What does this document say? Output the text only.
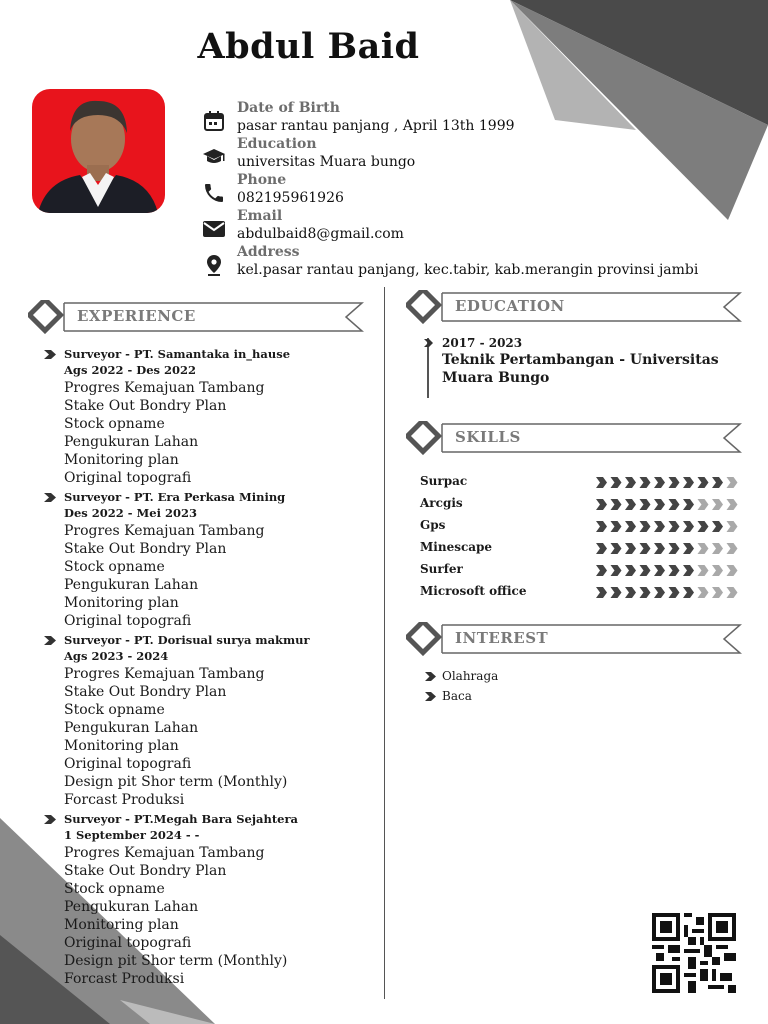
Abdul Baid
Date of Birth
pasar rantau panjang , April 13th 1999
Education
universitas Muara bungo
Phone
082195961926
Email
abdulbaid8@gmail.com
Address
kel.pasar rantau panjang, kec.tabir, kab.merangin provinsi jambi
EXPERIENCE
Surveyor - PT. Samantaka in_hause
Ags 2022 - Des 2022
Progres Kemajuan Tambang
Stake Out Bondry Plan
Stock opname
Pengukuran Lahan
Monitoring plan
Original topografi
Surveyor - PT. Era Perkasa Mining
Des 2022 - Mei 2023
Progres Kemajuan Tambang
Stake Out Bondry Plan
Stock opname
Pengukuran Lahan
Monitoring plan
Original topografi
Surveyor - PT. Dorisual surya makmur
Ags 2023 - 2024
Progres Kemajuan Tambang
Stake Out Bondry Plan
Stock opname
Pengukuran Lahan
Monitoring plan
Original topografi
Design pit Shor term (Monthly)
Forcast Produksi
Surveyor - PT.Megah Bara Sejahtera
1 September 2024 - -
Progres Kemajuan Tambang
Stake Out Bondry Plan
Stock opname
Pengukuran Lahan
Monitoring plan
Original topografi
Design pit Shor term (Monthly)
Forcast Produksi
EDUCATION
2017 - 2023
Teknik Pertambangan - Universitas
Muara Bungo
SKILLS
Surpac
Arcgis
Gps
Minescape
Surfer
Microsoft office
INTEREST
Olahraga
Baca
